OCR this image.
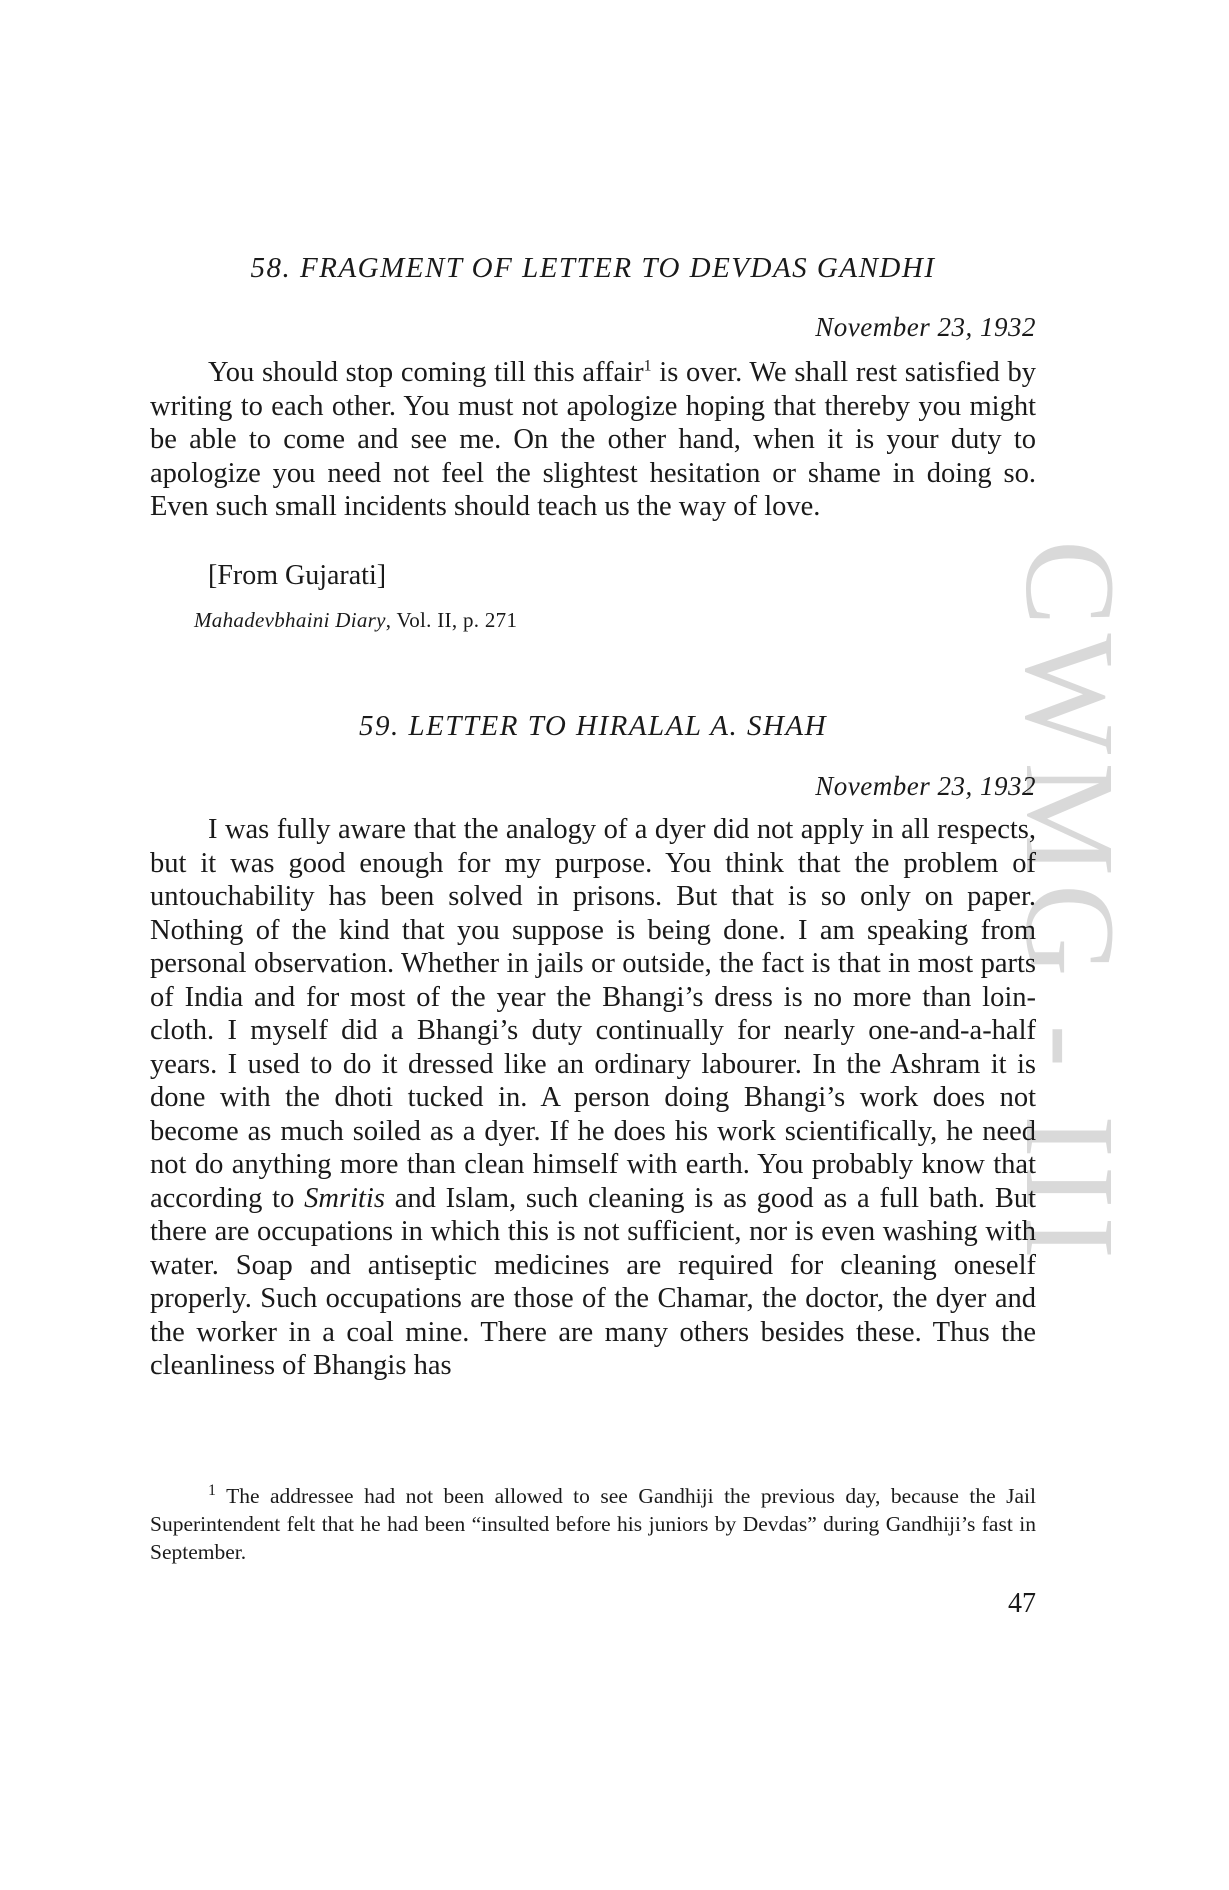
CWMG - III

58. FRAGMENT OF LETTER TO DEVDAS GANDHI

November 23, 1932

You should stop coming till this affair$^1$ is over. We shall rest satisfied by writing to each other. You must not apologize hoping that thereby you might be able to come and see me. On the other hand, when it is your duty to apologize you need not feel the slightest hesitation or shame in doing so. Even such small incidents should teach us the way of love.

[From Gujarati]

Mahadevbhaini Diary, Vol. II, p. 271

59. LETTER TO HIRALAL A. SHAH

November 23, 1932

I was fully aware that the analogy of a dyer did not apply in all respects, but it was good enough for my purpose. You think that the problem of untouchability has been solved in prisons. But that is so only on paper. Nothing of the kind that you suppose is being done. I am speaking from personal observation. Whether in jails or outside, the fact is that in most parts of India and for most of the year the Bhangi’s dress is no more than loin-cloth. I myself did a Bhangi’s duty continually for nearly one-and-a-half years. I used to do it dressed like an ordinary labourer. In the Ashram it is done with the dhoti tucked in. A person doing Bhangi’s work does not become as much soiled as a dyer. If he does his work scientifically, he need not do anything more than clean himself with earth. You probably know that according to Smritis and Islam, such cleaning is as good as a full bath. But there are occupations in which this is not sufficient, nor is even washing with water. Soap and antiseptic medicines are required for cleaning oneself properly. Such occupations are those of the Chamar, the doctor, the dyer and the worker in a coal mine. There are many others besides these. Thus the cleanliness of Bhangis has

$^1$ The addressee had not been allowed to see Gandhiji the previous day, because the Jail Superintendent felt that he had been “insulted before his juniors by Devdas” during Gandhiji’s fast in September.

47
